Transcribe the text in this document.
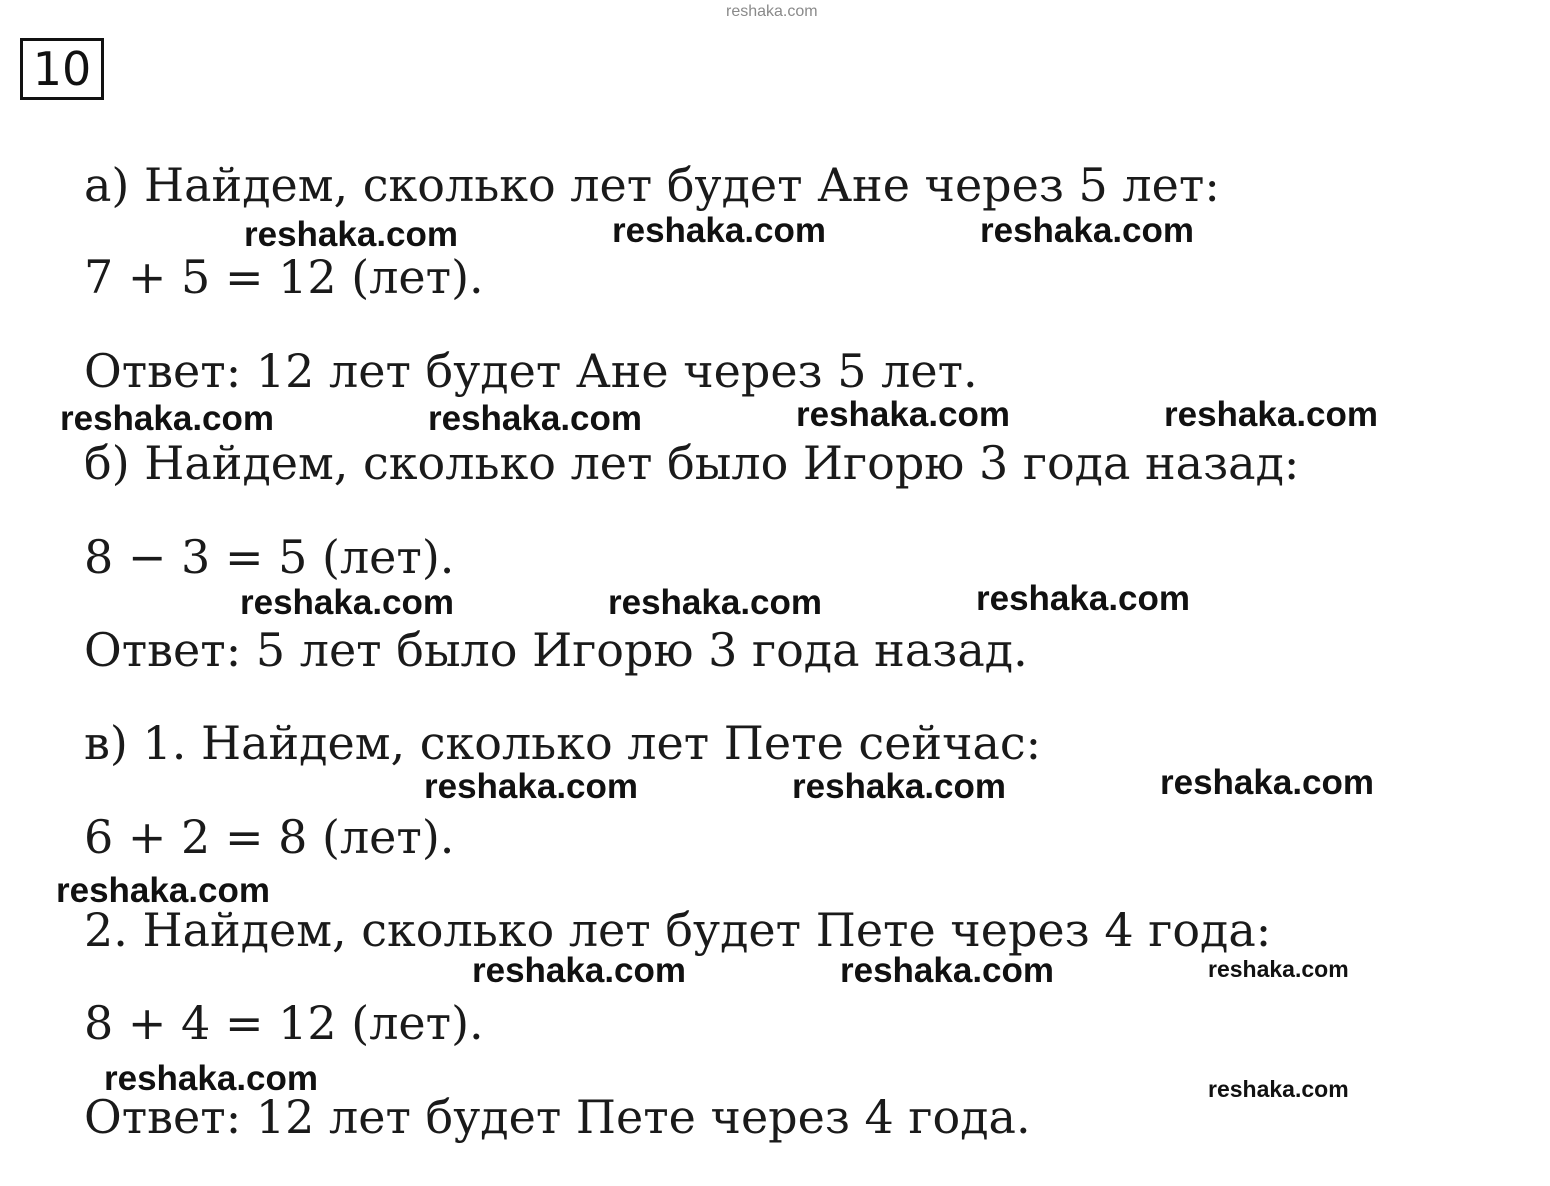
10
а) Найдем, сколько лет будет Ане через 5 лет:
7 + 5 = 12 (лет).
Ответ: 12 лет будет Ане через 5 лет.
б) Найдем, сколько лет было Игорю 3 года назад:
8 − 3 = 5 (лет).
Ответ: 5 лет было Игорю 3 года назад.
в) 1. Найдем, сколько лет Пете сейчас:
6 + 2 = 8 (лет).
2. Найдем, сколько лет будет Пете через 4 года:
8 + 4 = 12 (лет).
Ответ: 12 лет будет Пете через 4 года.
reshaka.com
reshaka.com	reshaka.com	reshaka.com
reshaka.com	reshaka.com	reshaka.com	reshaka.com
reshaka.com	reshaka.com	reshaka.com
reshaka.com	reshaka.com	reshaka.com
reshaka.com
reshaka.com	reshaka.com	reshaka.com
reshaka.com	reshaka.com
